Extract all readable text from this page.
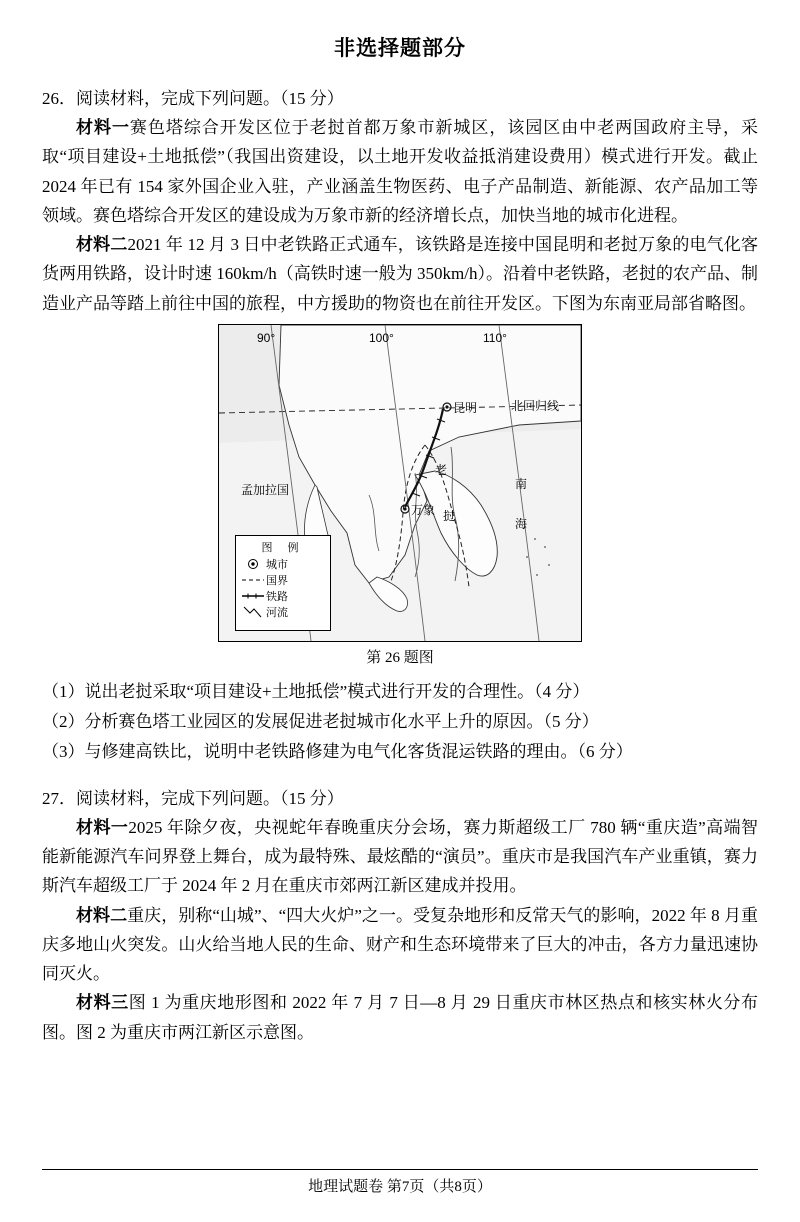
非选择题部分
26．阅读材料，完成下列问题。（15 分）

材料一赛色塔综合开发区位于老挝首都万象市新城区，该园区由中老两国政府主导，采取“项目建设+土地抵偿”（我国出资建设，以土地开发收益抵消建设费用）模式进行开发。截止 2024 年已有 154 家外国企业入驻，产业涵盖生物医药、电子产品制造、新能源、农产品加工等领域。赛色塔综合开发区的建设成为万象市新的经济增长点，加快当地的城市化进程。

材料二2021 年 12 月 3 日中老铁路正式通车，该铁路是连接中国昆明和老挝万象的电气化客货两用铁路，设计时速 160km/h（高铁时速一般为 350km/h）。沿着中老铁路，老挝的农产品、制造业产品等踏上前往中国的旅程，中方援助的物资也在前往开发区。下图为东南亚局部省略图。

90°	100°	110°
昆明	北回归线
老
挝
万象
孟加拉国	南
海
图 例
城市
国界
铁路
河流
第 26 题图

（1）说出老挝采取“项目建设+土地抵偿”模式进行开发的合理性。（4 分）

（2）分析赛色塔工业园区的发展促进老挝城市化水平上升的原因。（5 分）

（3）与修建高铁比，说明中老铁路修建为电气化客货混运铁路的理由。（6 分）

27．阅读材料，完成下列问题。（15 分）

材料一2025 年除夕夜，央视蛇年春晚重庆分会场，赛力斯超级工厂 780 辆“重庆造”高端智能新能源汽车问界登上舞台，成为最特殊、最炫酷的“演员”。重庆市是我国汽车产业重镇，赛力斯汽车超级工厂于 2024 年 2 月在重庆市郊两江新区建成并投用。

材料二重庆，别称“山城”、“四大火炉”之一。受复杂地形和反常天气的影响，2022 年 8 月重庆多地山火突发。山火给当地人民的生命、财产和生态环境带来了巨大的冲击，各方力量迅速协同灭火。

材料三图 1 为重庆地形图和 2022 年 7 月 7 日—8 月 29 日重庆市林区热点和核实林火分布图。图 2 为重庆市两江新区示意图。

地理试题卷 第7页（共8页）
